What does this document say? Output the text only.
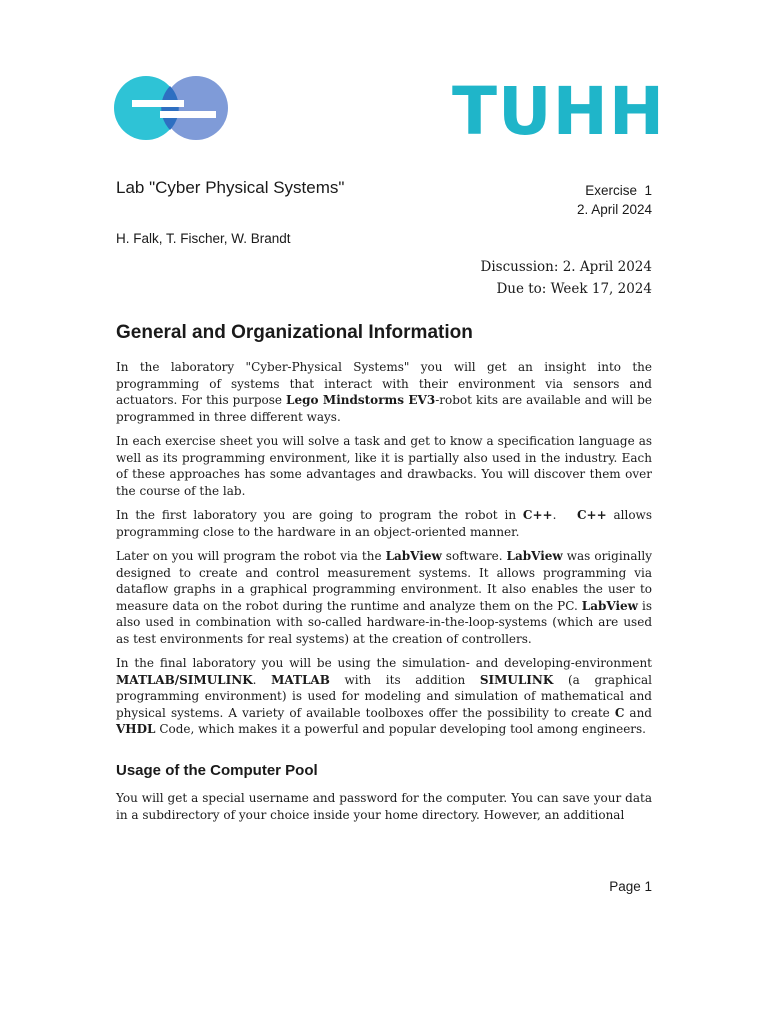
ES	TUHH
Lab "Cyber Physical Systems"	Exercise  1
2. April 2024
H. Falk, T. Fischer, W. Brandt
Discussion: 2. April 2024
Due to: Week 17, 2024
General and Organizational Information

In the laboratory "Cyber-Physical Systems" you will get an insight into the programming of systems that interact with their environment via sensors and actuators. For this purpose Lego Mindstorms EV3-robot kits are available and will be programmed in three different ways.

In each exercise sheet you will solve a task and get to know a specification language as well as its programming environment, like it is partially also used in the industry. Each of these approaches has some advantages and drawbacks. You will discover them over the course of the lab.

In the first laboratory you are going to program the robot in C++.   C++ allows programming close to the hardware in an object-oriented manner.

Later on you will program the robot via the LabView software. LabView was originally designed to create and control measurement systems. It allows programming via dataflow graphs in a graphical programming environment. It also enables the user to measure data on the robot during the runtime and analyze them on the PC. LabView is also used in combination with so-called hardware-in-the-loop-systems (which are used as test environments for real systems) at the creation of controllers.

In the final laboratory you will be using the simulation- and developing-environment MATLAB/SIMULINK. MATLAB with its addition SIMULINK (a graphical programming environment) is used for modeling and simulation of mathematical and physical systems. A variety of available toolboxes offer the possibility to create C and VHDL Code, which makes it a powerful and popular developing tool among engineers.

Usage of the Computer Pool

You will get a special username and password for the computer. You can save your data in a subdirectory of your choice inside your home directory. However, an additional

Page 1
